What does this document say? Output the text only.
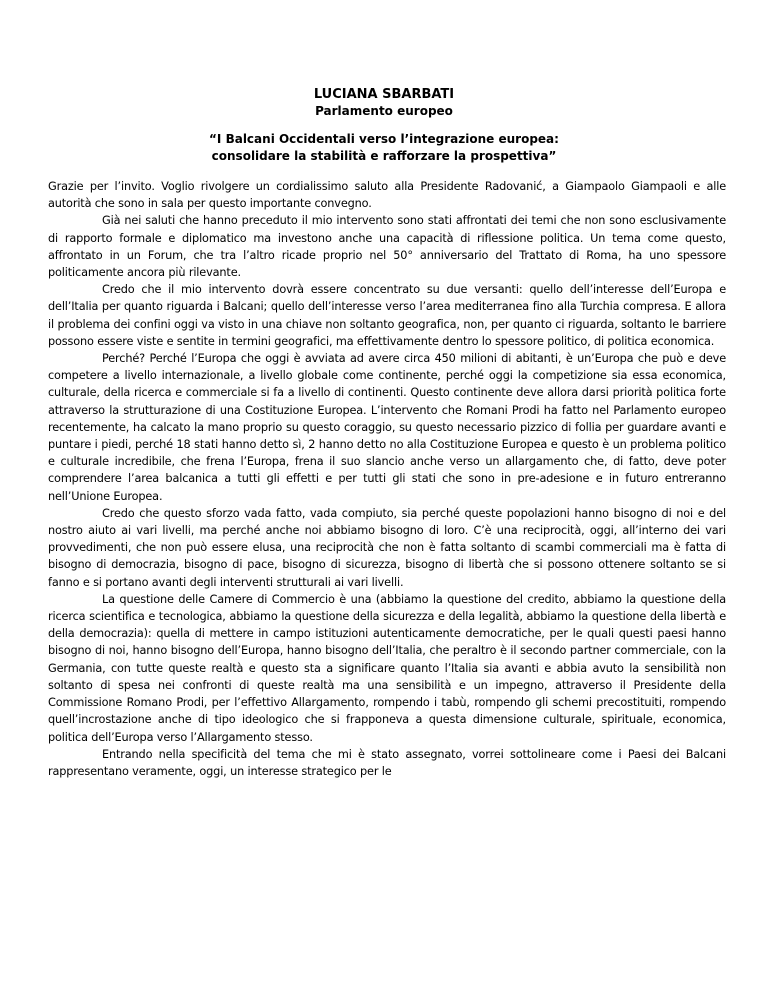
LUCIANA SBARBATI
Parlamento europeo
“I Balcani Occidentali verso l’integrazione europea:
consolidare la stabilità e rafforzare la prospettiva”

Grazie per l’invito. Voglio rivolgere un cordialissimo saluto alla Presidente Radovanić, a Giampaolo Giampaoli e alle autorità che sono in sala per questo importante convegno.

Già nei saluti che hanno preceduto il mio intervento sono stati affrontati dei temi che non sono esclusivamente di rapporto formale e diplomatico ma investono anche una capacità di riflessione politica. Un tema come questo, affrontato in un Forum, che tra l’altro ricade proprio nel 50° anniversario del Trattato di Roma, ha uno spessore politicamente ancora più rilevante.

Credo che il mio intervento dovrà essere concentrato su due versanti: quello dell’interesse dell’Europa e dell’Italia per quanto riguarda i Balcani; quello dell’interesse verso l’area mediterranea fino alla Turchia compresa. E allora il problema dei confini oggi va visto in una chiave non soltanto geografica, non, per quanto ci riguarda, soltanto le barriere possono essere viste e sentite in termini geografici, ma effettivamente dentro lo spessore politico, di politica economica.

Perché? Perché l’Europa che oggi è avviata ad avere circa 450 milioni di abitanti, è un’Europa che può e deve competere a livello internazionale, a livello globale come continente, perché oggi la competizione sia essa economica, culturale, della ricerca e commerciale si fa a livello di continenti. Questo continente deve allora darsi priorità politica forte attraverso la strutturazione di una Costituzione Europea. L’intervento che Romani Prodi ha fatto nel Parlamento europeo recentemente, ha calcato la mano proprio su questo coraggio, su questo necessario pizzico di follia per guardare avanti e puntare i piedi, perché 18 stati hanno detto sì, 2 hanno detto no alla Costituzione Europea e questo è un problema politico e culturale incredibile, che frena l’Europa, frena il suo slancio anche verso un allargamento che, di fatto, deve poter comprendere l’area balcanica a tutti gli effetti e per tutti gli stati che sono in pre-adesione e in futuro entreranno nell’Unione Europea.

Credo che questo sforzo vada fatto, vada compiuto, sia perché queste popolazioni hanno bisogno di noi e del nostro aiuto ai vari livelli, ma perché anche noi abbiamo bisogno di loro. C’è una reciprocità, oggi, all’interno dei vari provvedimenti, che non può essere elusa, una reciprocità che non è fatta soltanto di scambi commerciali ma è fatta di bisogno di democrazia, bisogno di pace, bisogno di sicurezza, bisogno di libertà che si possono ottenere soltanto se si fanno e si portano avanti degli interventi strutturali ai vari livelli.

La questione delle Camere di Commercio è una (abbiamo la questione del credito, abbiamo la questione della ricerca scientifica e tecnologica, abbiamo la questione della sicurezza e della legalità, abbiamo la questione della libertà e della democrazia): quella di mettere in campo istituzioni autenticamente democratiche, per le quali questi paesi hanno bisogno di noi, hanno bisogno dell’Europa, hanno bisogno dell’Italia, che peraltro è il secondo partner commerciale, con la Germania, con tutte queste realtà e questo sta a significare quanto l’Italia sia avanti e abbia avuto la sensibilità non soltanto di spesa nei confronti di queste realtà ma una sensibilità e un impegno, attraverso il Presidente della Commissione Romano Prodi, per l’effettivo Allargamento, rompendo i tabù, rompendo gli schemi precostituiti, rompendo quell’incrostazione anche di tipo ideologico che si frapponeva a questa dimensione culturale, spirituale, economica, politica dell’Europa verso l’Allargamento stesso.

Entrando nella specificità del tema che mi è stato assegnato, vorrei sottolineare come i Paesi dei Balcani rappresentano veramente, oggi, un interesse strategico per le
